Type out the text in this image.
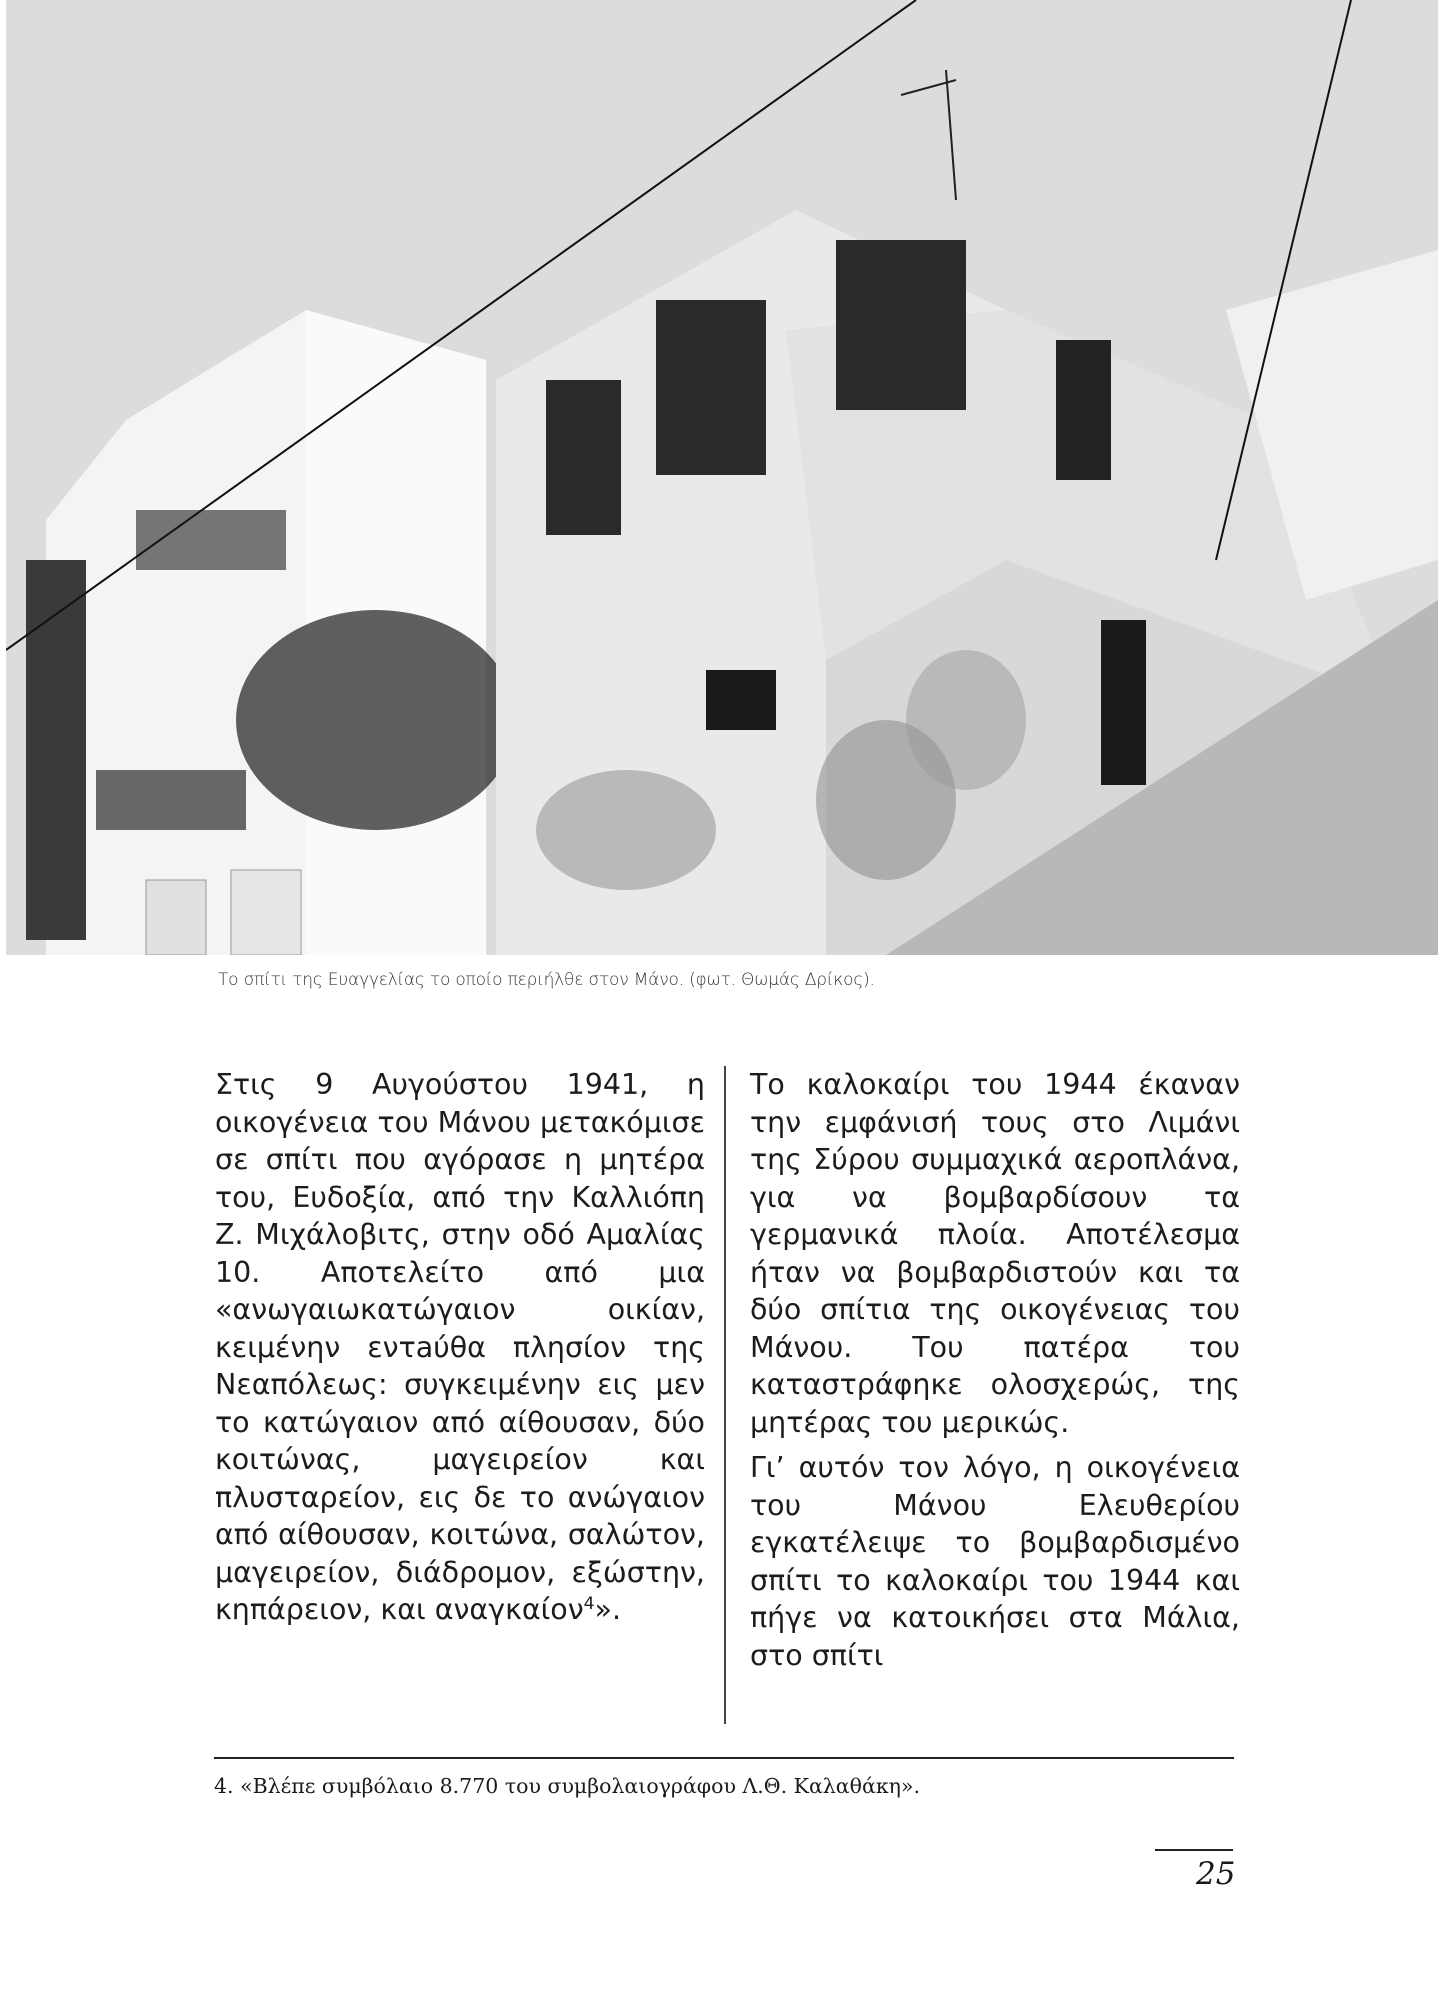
Το σπίτι της Ευαγγελίας το οποίο περιήλθε στον Μάνο. (φωτ. Θωμάς Δρίκος).

Στις 9 Αυγούστου 1941, η οικογένεια του Μάνου μετακόμισε σε σπίτι που αγόρασε η μητέρα του, Ευδοξία, από την Καλλιόπη Ζ. Μιχάλοβιτς, στην οδό Αμαλίας 10. Αποτελείτο από μια «ανωγαιωκατώγαιον οικίαν, κειμένην εντaύθα πλησίον της Νεαπόλεως: συγκειμένην εις μεν το κατώγαιον από αίθουσαν, δύο κοιτώνας, μαγειρείον και πλυσταρείον, εις δε το ανώγαιον από αίθουσαν, κοιτώνα, σαλώτον, μαγειρείον, διάδρομον, εξώστην, κηπάρειον, και αναγκαίον$^4$».

Το καλοκαίρι του 1944 έκαναν την εμφάνισή τους στο Λιμάνι της Σύρου συμμαχικά αεροπλάνα, για να βομβαρδίσουν τα γερμανικά πλοία. Αποτέλεσμα ήταν να βομβαρδιστούν και τα δύο σπίτια της οικογένειας του Μάνου. Του πατέρα του καταστράφηκε ολοσχερώς, της μητέρας του μερικώς.

Γι’ αυτόν τον λόγο, η οικογένεια του Μάνου Ελευθερίου εγκατέλειψε το βομβαρδισμένο σπίτι το καλοκαίρι του 1944 και πήγε να κατοικήσει στα Μάλια, στο σπίτι

4. «Βλέπε συμβόλαιο 8.770 του συμβολαιογράφου Λ.Θ. Καλαθάκη».
25
